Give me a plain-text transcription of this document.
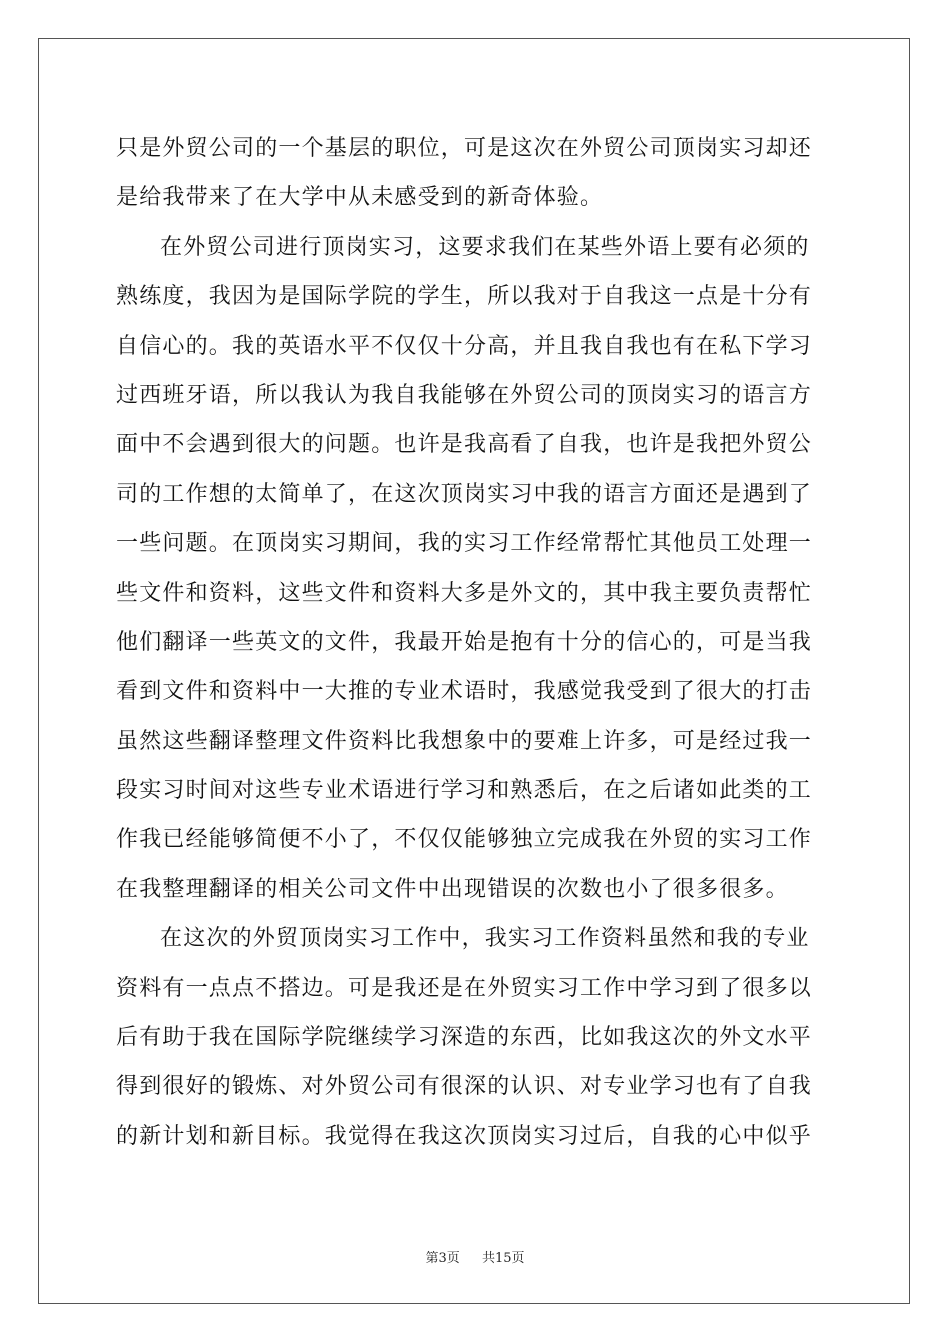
只是外贸公司的一个基层的职位，可是这次在外贸公司顶岗实习却还
是给我带来了在大学中从未感受到的新奇体验。
在外贸公司进行顶岗实习，这要求我们在某些外语上要有必须的
熟练度，我因为是国际学院的学生，所以我对于自我这一点是十分有
自信心的。我的英语水平不仅仅十分高，并且我自我也有在私下学习
过西班牙语，所以我认为我自我能够在外贸公司的顶岗实习的语言方
面中不会遇到很大的问题。也许是我高看了自我，也许是我把外贸公
司的工作想的太简单了，在这次顶岗实习中我的语言方面还是遇到了
一些问题。在顶岗实习期间，我的实习工作经常帮忙其他员工处理一
些文件和资料，这些文件和资料大多是外文的，其中我主要负责帮忙
他们翻译一些英文的文件，我最开始是抱有十分的信心的，可是当我
看到文件和资料中一大推的专业术语时，我感觉我受到了很大的打击
虽然这些翻译整理文件资料比我想象中的要难上许多，可是经过我一
段实习时间对这些专业术语进行学习和熟悉后，在之后诸如此类的工
作我已经能够简便不小了，不仅仅能够独立完成我在外贸的实习工作
在我整理翻译的相关公司文件中出现错误的次数也小了很多很多。
在这次的外贸顶岗实习工作中，我实习工作资料虽然和我的专业
资料有一点点不搭边。可是我还是在外贸实习工作中学习到了很多以
后有助于我在国际学院继续学习深造的东西，比如我这次的外文水平
得到很好的锻炼、对外贸公司有很深的认识、对专业学习也有了自我
的新计划和新目标。我觉得在我这次顶岗实习过后，自我的心中似乎
第3页 共15页
